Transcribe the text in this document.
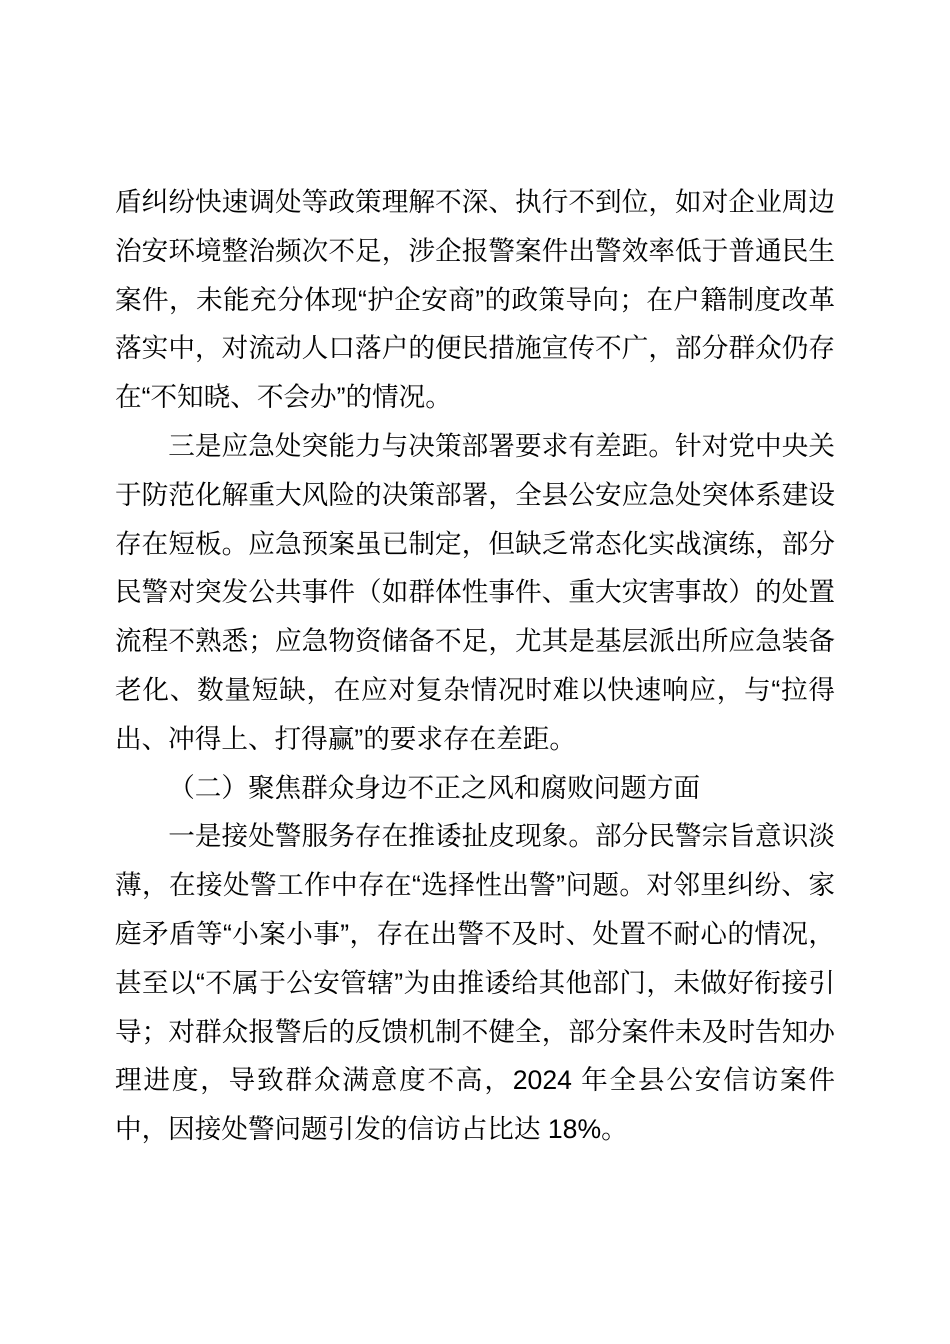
盾纠纷快速调处等政策理解不深、执行不到位，如对企业周边治安环境整治频次不足，涉企报警案件出警效率低于普通民生案件，未能充分体现“护企安商”的政策导向；在户籍制度改革落实中，对流动人口落户的便民措施宣传不广，部分群众仍存在“不知晓、不会办”的情况。

三是应急处突能力与决策部署要求有差距。针对党中央关于防范化解重大风险的决策部署，全县公安应急处突体系建设存在短板。应急预案虽已制定，但缺乏常态化实战演练，部分民警对突发公共事件（如群体性事件、重大灾害事故）的处置流程不熟悉；应急物资储备不足，尤其是基层派出所应急装备老化、数量短缺，在应对复杂情况时难以快速响应，与“拉得出、冲得上、打得赢”的要求存在差距。

（二）聚焦群众身边不正之风和腐败问题方面

一是接处警服务存在推诿扯皮现象。部分民警宗旨意识淡薄，在接处警工作中存在“选择性出警”问题。对邻里纠纷、家庭矛盾等“小案小事”，存在出警不及时、处置不耐心的情况，甚至以“不属于公安管辖”为由推诿给其他部门，未做好衔接引导；对群众报警后的反馈机制不健全，部分案件未及时告知办理进度，导致群众满意度不高，2024 年全县公安信访案件中，因接处警问题引发的信访占比达 18%。
